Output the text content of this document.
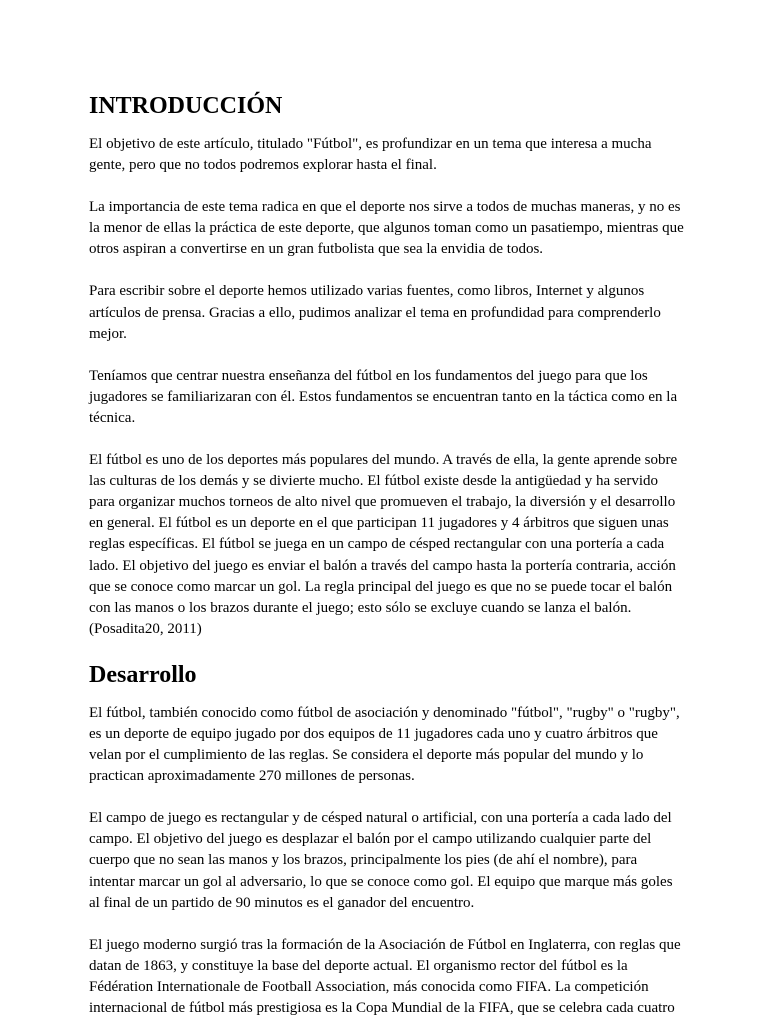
INTRODUCCIÓN

El objetivo de este artículo, titulado "Fútbol", es profundizar en un tema que interesa a mucha gente, pero que no todos podremos explorar hasta el final.

La importancia de este tema radica en que el deporte nos sirve a todos de muchas maneras, y no es la menor de ellas la práctica de este deporte, que algunos toman como un pasatiempo, mientras que otros aspiran a convertirse en un gran futbolista que sea la envidia de todos.

Para escribir sobre el deporte hemos utilizado varias fuentes, como libros, Internet y algunos artículos de prensa. Gracias a ello, pudimos analizar el tema en profundidad para comprenderlo mejor.

Teníamos que centrar nuestra enseñanza del fútbol en los fundamentos del juego para que los jugadores se familiarizaran con él. Estos fundamentos se encuentran tanto en la táctica como en la técnica.

El fútbol es uno de los deportes más populares del mundo. A través de ella, la gente aprende sobre las culturas de los demás y se divierte mucho. El fútbol existe desde la antigüedad y ha servido para organizar muchos torneos de alto nivel que promueven el trabajo, la diversión y el desarrollo en general. El fútbol es un deporte en el que participan 11 jugadores y 4 árbitros que siguen unas reglas específicas. El fútbol se juega en un campo de césped rectangular con una portería a cada lado. El objetivo del juego es enviar el balón a través del campo hasta la portería contraria, acción que se conoce como marcar un gol. La regla principal del juego es que no se puede tocar el balón con las manos o los brazos durante el juego; esto sólo se excluye cuando se lanza el balón. (Posadita20, 2011)

Desarrollo

El fútbol, también conocido como fútbol de asociación y denominado "fútbol", "rugby" o "rugby", es un deporte de equipo jugado por dos equipos de 11 jugadores cada uno y cuatro árbitros que velan por el cumplimiento de las reglas. Se considera el deporte más popular del mundo y lo practican aproximadamente 270 millones de personas.

El campo de juego es rectangular y de césped natural o artificial, con una portería a cada lado del campo. El objetivo del juego es desplazar el balón por el campo utilizando cualquier parte del cuerpo que no sean las manos y los brazos, principalmente los pies (de ahí el nombre), para intentar marcar un gol al adversario, lo que se conoce como gol. El equipo que marque más goles al final de un partido de 90 minutos es el ganador del encuentro.

El juego moderno surgió tras la formación de la Asociación de Fútbol en Inglaterra, con reglas que datan de 1863, y constituye la base del deporte actual. El organismo rector del fútbol es la Fédération Internationale de Football Association, más conocida como FIFA. La competición internacional de fútbol más prestigiosa es la Copa Mundial de la FIFA, que se celebra cada cuatro
